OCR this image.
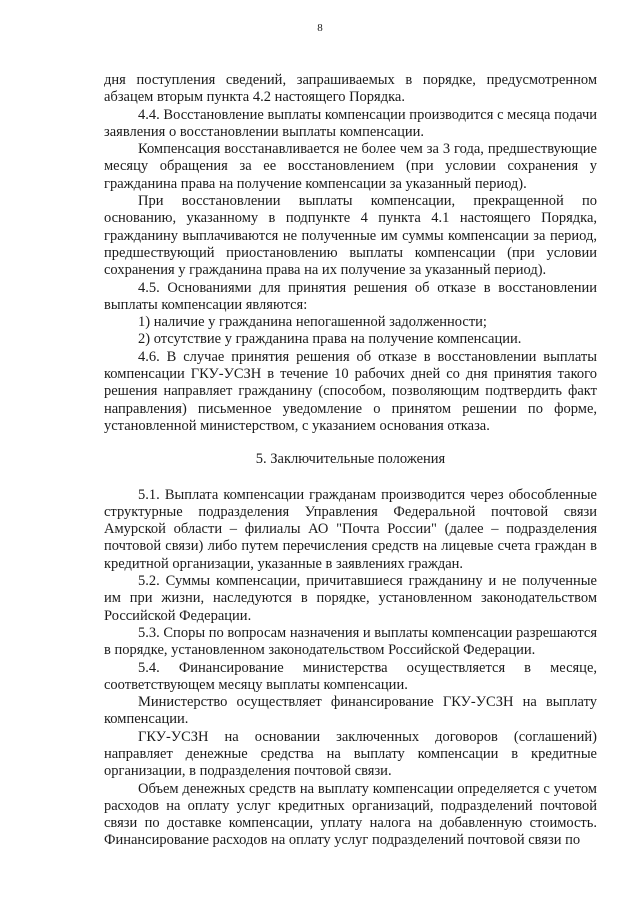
8

дня поступления сведений, запрашиваемых в порядке, предусмотренном абзацем вторым пункта 4.2 настоящего Порядка.

4.4. Восстановление выплаты компенсации производится с месяца подачи заявления о восстановлении выплаты компенсации.

Компенсация восстанавливается не более чем за 3 года, предшествующие месяцу обращения за ее восстановлением (при условии сохранения у гражданина права на получение компенсации за указанный период).

При восстановлении выплаты компенсации, прекращенной по основанию, указанному в подпункте 4 пункта 4.1 настоящего Порядка, гражданину выплачиваются не полученные им суммы компенсации за период, предшествующий приостановлению выплаты компенсации (при условии сохранения у гражданина права на их получение за указанный период).

4.5. Основаниями для принятия решения об отказе в восстановлении выплаты компенсации являются:

1) наличие у гражданина непогашенной задолженности;

2) отсутствие у гражданина права на получение компенсации.

4.6. В случае принятия решения об отказе в восстановлении выплаты компенсации ГКУ-УСЗН в течение 10 рабочих дней со дня принятия такого решения направляет гражданину (способом, позволяющим подтвердить факт направления) письменное уведомление о принятом решении по форме, установленной министерством, с указанием основания отказа.

5. Заключительные положения

5.1. Выплата компенсации гражданам производится через обособленные структурные подразделения Управления Федеральной почтовой связи Амурской области – филиалы АО "Почта России" (далее – подразделения почтовой связи) либо путем перечисления средств на лицевые счета граждан в кредитной организации, указанные в заявлениях граждан.

5.2. Суммы компенсации, причитавшиеся гражданину и не полученные им при жизни, наследуются в порядке, установленном законодательством Российской Федерации.

5.3. Споры по вопросам назначения и выплаты компенсации разрешаются в порядке, установленном законодательством Российской Федерации.

5.4. Финансирование министерства осуществляется в месяце, соответствующем месяцу выплаты компенсации.

Министерство осуществляет финансирование ГКУ-УСЗН на выплату компенсации.

ГКУ-УСЗН на основании заключенных договоров (соглашений) направляет денежные средства на выплату компенсации в кредитные организации, в подразделения почтовой связи.

Объем денежных средств на выплату компенсации определяется с учетом расходов на оплату услуг кредитных организаций, подразделений почтовой связи по доставке компенсации, уплату налога на добавленную стоимость. Финансирование расходов на оплату услуг подразделений почтовой связи по
